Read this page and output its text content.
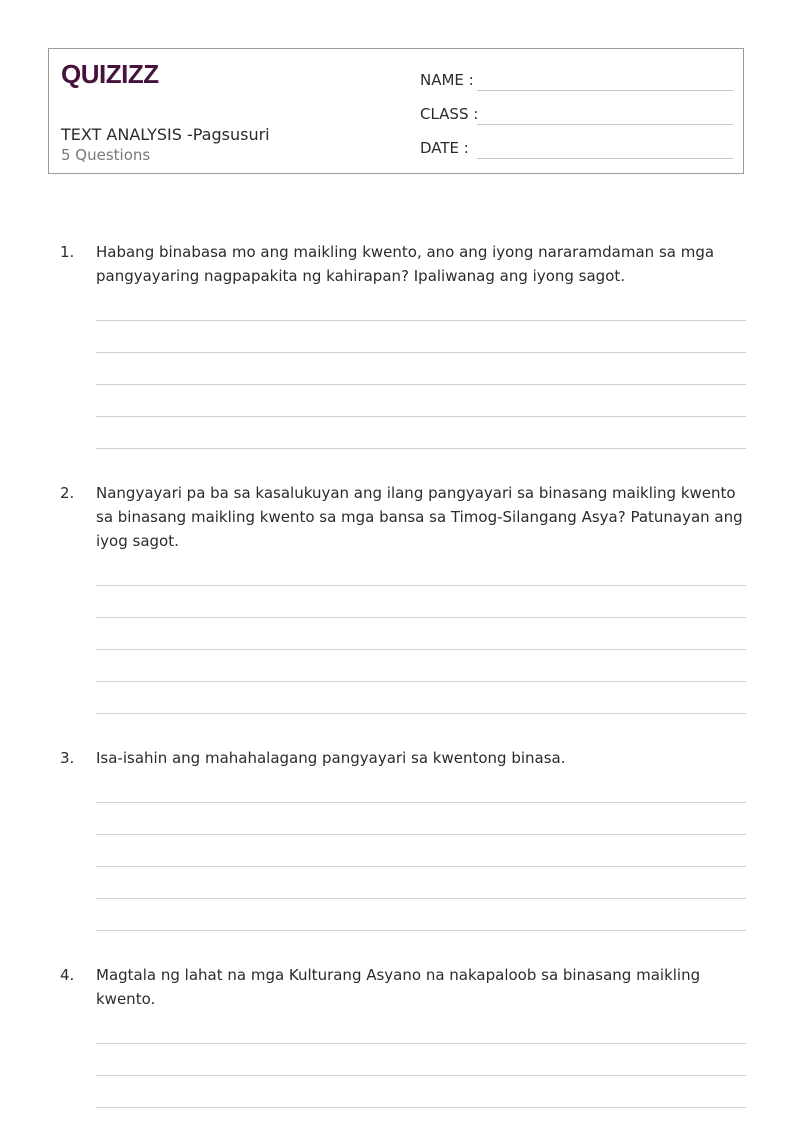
QUIZIZZ
TEXT ANALYSIS -Pagsusuri
5 Questions
NAME :
CLASS :
DATE :
1. Habang binabasa mo ang maikling kwento, ano ang iyong nararamdaman sa mga pangyayaring nagpapakita ng kahirapan? Ipaliwanag ang iyong sagot.
2. Nangyayari pa ba sa kasalukuyan ang ilang pangyayari sa binasang maikling kwento sa binasang maikling kwento sa mga bansa sa Timog-Silangang Asya? Patunayan ang iyog sagot.
3. Isa-isahin ang mahahalagang pangyayari sa kwentong binasa.
4. Magtala ng lahat na mga Kulturang Asyano na nakapaloob sa binasang maikling kwento.
